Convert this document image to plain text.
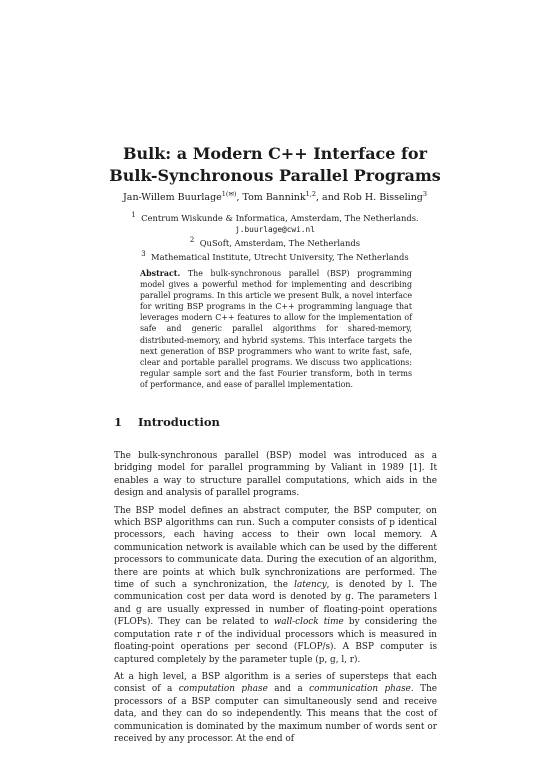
Bulk: a Modern C++ Interface for
Bulk-Synchronous Parallel Programs
Jan-Willem Buurlage$^{1(✉)}$, Tom Bannink$^{1,2}$, and Rob H. Bisseling$^3$
$^1$ Centrum Wiskunde & Informatica, Amsterdam, The Netherlands.
j.buurlage@cwi.nl
$^2$ QuSoft, Amsterdam, The Netherlands
$^3$ Mathematical Institute, Utrecht University, The Netherlands
Abstract. The bulk-synchronous parallel (BSP) programming model gives a powerful method for implementing and describing parallel programs. In this article we present Bulk, a novel interface for writing BSP programs in the C++ programming language that leverages modern C++ features to allow for the implementation of safe and generic parallel algorithms for shared-memory, distributed-memory, and hybrid systems. This interface targets the next generation of BSP programmers who want to write fast, safe, clear and portable parallel programs. We discuss two applications: regular sample sort and the fast Fourier transform, both in terms of performance, and ease of parallel implementation.
1 Introduction

The bulk-synchronous parallel (BSP) model was introduced as a bridging model for parallel programming by Valiant in 1989 [1]. It enables a way to structure parallel computations, which aids in the design and analysis of parallel programs.

The BSP model defines an abstract computer, the BSP computer, on which BSP algorithms can run. Such a computer consists of p identical processors, each having access to their own local memory. A communication network is available which can be used by the different processors to communicate data. During the execution of an algorithm, there are points at which bulk synchronizations are performed. The time of such a synchronization, the latency, is denoted by l. The communication cost per data word is denoted by g. The parameters l and g are usually expressed in number of floating-point operations (FLOPs). They can be related to wall-clock time by considering the computation rate r of the individual processors which is measured in floating-point operations per second (FLOP/s). A BSP computer is captured completely by the parameter tuple (p, g, l, r).

At a high level, a BSP algorithm is a series of supersteps that each consist of a computation phase and a communication phase. The processors of a BSP computer can simultaneously send and receive data, and they can do so independently. This means that the cost of communication is dominated by the maximum number of words sent or received by any processor. At the end of
